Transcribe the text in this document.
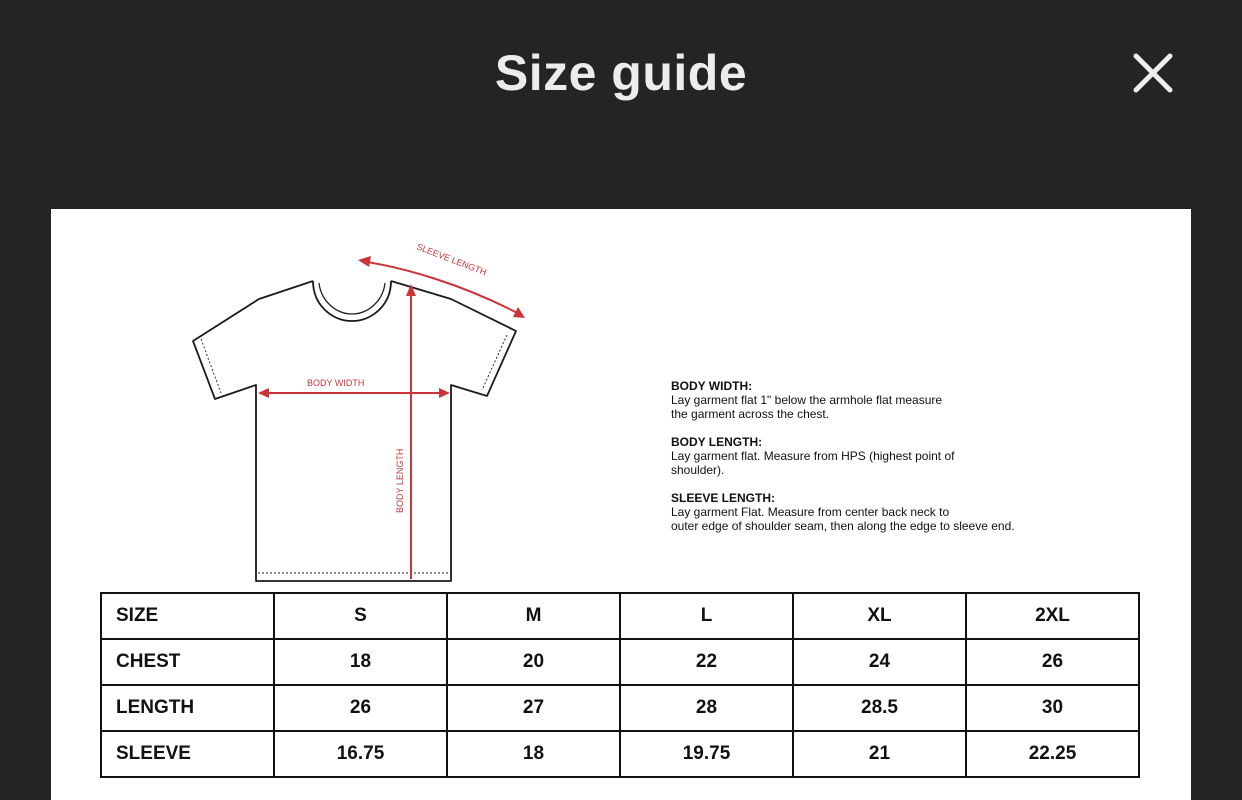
Size guide
SLEEVE LENGTH
BODY WIDTH
BODY LENGTH
BODY WIDTH:
Lay garment flat 1" below the armhole flat measure
the garment across the chest.
BODY LENGTH:
Lay garment flat. Measure from HPS (highest point of
shoulder).
SLEEVE LENGTH:
Lay garment Flat. Measure from center back neck to
outer edge of shoulder seam, then along the edge to sleeve end.
SIZE	S	M	L	XL	2XL
CHEST	18	20	22	24	26
LENGTH	26	27	28	28.5	30
SLEEVE	16.75	18	19.75	21	22.25
